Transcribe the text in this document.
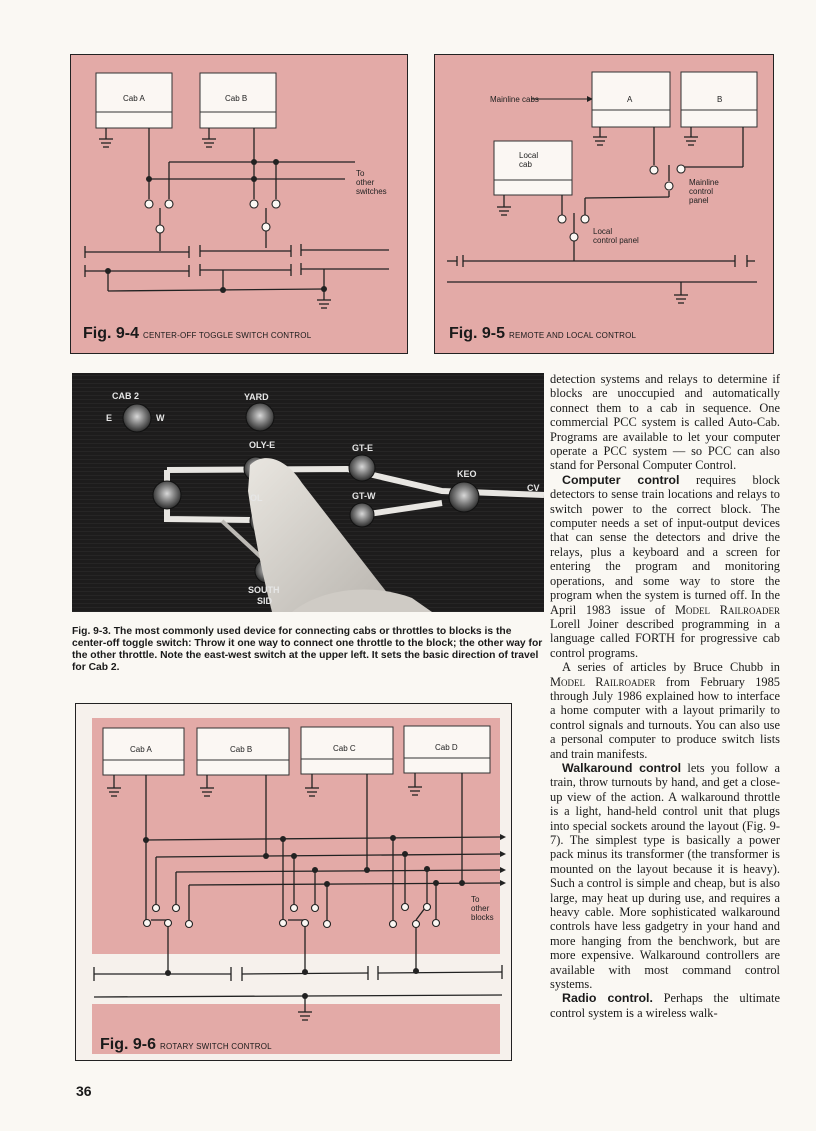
Cab A	Cab B
To
other
switches
Fig. 9-4 CENTER-OFF TOGGLE SWITCH CONTROL
Mainline cabs	A	B
Local
cab
Mainline
control
panel
Local
control panel
Fig. 9-5 REMOTE AND LOCAL CONTROL
CAB 2
E	W
YARD
OLY-E	GT-E
OL	GT-W
KEO
CV
SOUTH
SID
Fig. 9-3. The most commonly used device for connecting cabs or throttles to blocks is the center-off toggle switch: Throw it one way to connect one throttle to the block; the other way for the other throttle. Note the east-west switch at the upper left. It sets the basic direction of travel for Cab 2.
Cab A	Cab B	Cab C	Cab D
To
other
blocks
Fig. 9-6 ROTARY SWITCH CONTROL

detection systems and relays to determine if blocks are unoccupied and automatically connect them to a cab in sequence. One commercial PCC system is called Auto-Cab. Programs are available to let your computer operate a PCC system — so PCC can also stand for Personal Computer Control.

Computer control requires block detectors to sense train locations and relays to switch power to the correct block. The computer needs a set of input-output devices that can sense the detectors and drive the relays, plus a keyboard and a screen for entering the program and monitoring operations, and some way to store the program when the system is turned off. In the April 1983 issue of Model Railroader Lorell Joiner described programming in a language called FORTH for progressive cab control programs.

A series of articles by Bruce Chubb in Model Railroader from February 1985 through July 1986 explained how to interface a home computer with a layout primarily to control signals and turnouts. You can also use a personal computer to produce switch lists and train manifests.

Walkaround control lets you follow a train, throw turnouts by hand, and get a close-up view of the action. A walkaround throttle is a light, hand-held control unit that plugs into special sockets around the layout (Fig. 9-7). The simplest type is basically a power pack minus its transformer (the transformer is mounted on the layout because it is heavy). Such a control is simple and cheap, but is also large, may heat up during use, and requires a heavy cable. More sophisticated walkaround controls have less gadgetry in your hand and more hanging from the benchwork, but are more expensive. Walkaround controllers are available with most command control systems.

Radio control. Perhaps the ultimate control system is a wireless walk-

36
